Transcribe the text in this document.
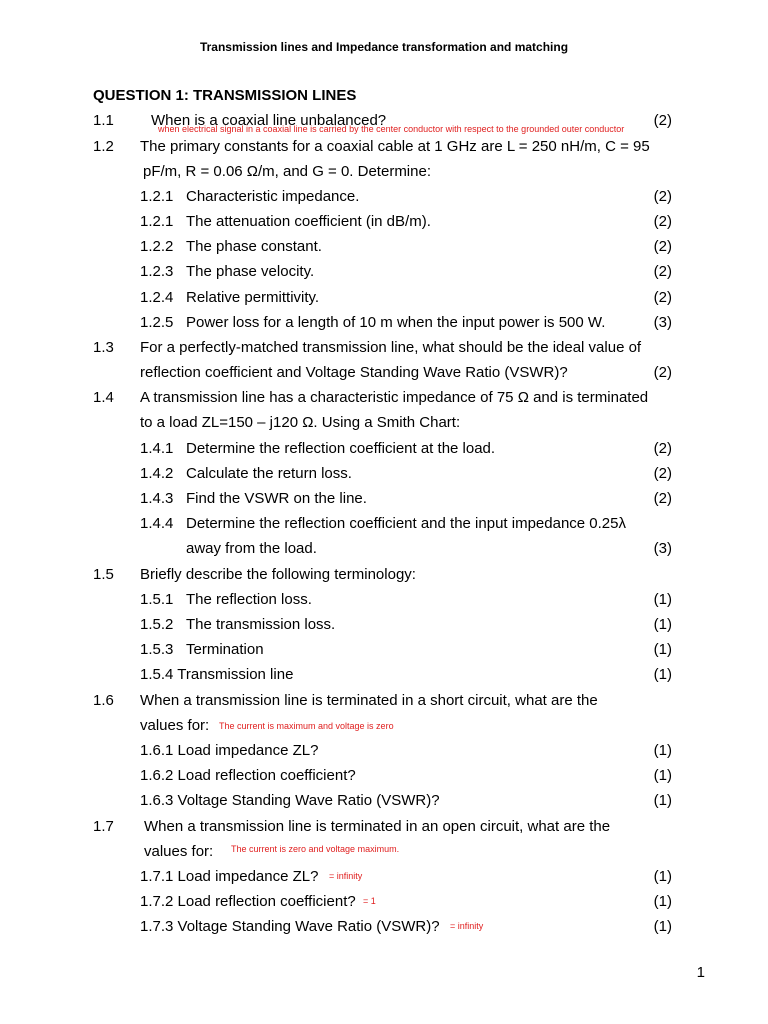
Transmission lines and Impedance transformation and matching
QUESTION 1: TRANSMISSION LINES
1.1 When is a coaxial line unbalanced?	(2)
when electrical signal in a coaxial line is carried by the center conductor with respect to the grounded outer conductor
1.2 The primary constants for a coaxial cable at 1 GHz are L = 250 nH/m, C = 95
pF/m, R = 0.06 Ω/m, and G = 0. Determine:
1.2.1 Characteristic impedance.	(2)
1.2.1 The attenuation coefficient (in dB/m).	(2)
1.2.2 The phase constant.	(2)
1.2.3 The phase velocity.	(2)
1.2.4 Relative permittivity.	(2)
1.2.5 Power loss for a length of 10 m when the input power is 500 W.	(3)
1.3 For a perfectly-matched transmission line, what should be the ideal value of
reflection coefficient and Voltage Standing Wave Ratio (VSWR)?	(2)
1.4 A transmission line has a characteristic impedance of 75 Ω and is terminated
to a load ZL=150 – j120 Ω. Using a Smith Chart:
1.4.1 Determine the reflection coefficient at the load.	(2)
1.4.2 Calculate the return loss.	(2)
1.4.3 Find the VSWR on the line.	(2)
1.4.4 Determine the reflection coefficient and the input impedance 0.25λ
away from the load.	(3)
1.5 Briefly describe the following terminology:
1.5.1 The reflection loss.	(1)
1.5.2 The transmission loss.	(1)
1.5.3 Termination	(1)
1.5.4 Transmission line	(1)
1.6 When a transmission line is terminated in a short circuit, what are the
values for: The current is maximum and voltage is zero
1.6.1 Load impedance ZL?	(1)
1.6.2 Load reflection coefficient?	(1)
1.6.3 Voltage Standing Wave Ratio (VSWR)?	(1)
1.7 When a transmission line is terminated in an open circuit, what are the
values for: The current is zero and voltage maximum.
1.7.1 Load impedance ZL? = infinity	(1)
1.7.2 Load reflection coefficient? = 1	(1)
1.7.3 Voltage Standing Wave Ratio (VSWR)? = infinity	(1)
1
